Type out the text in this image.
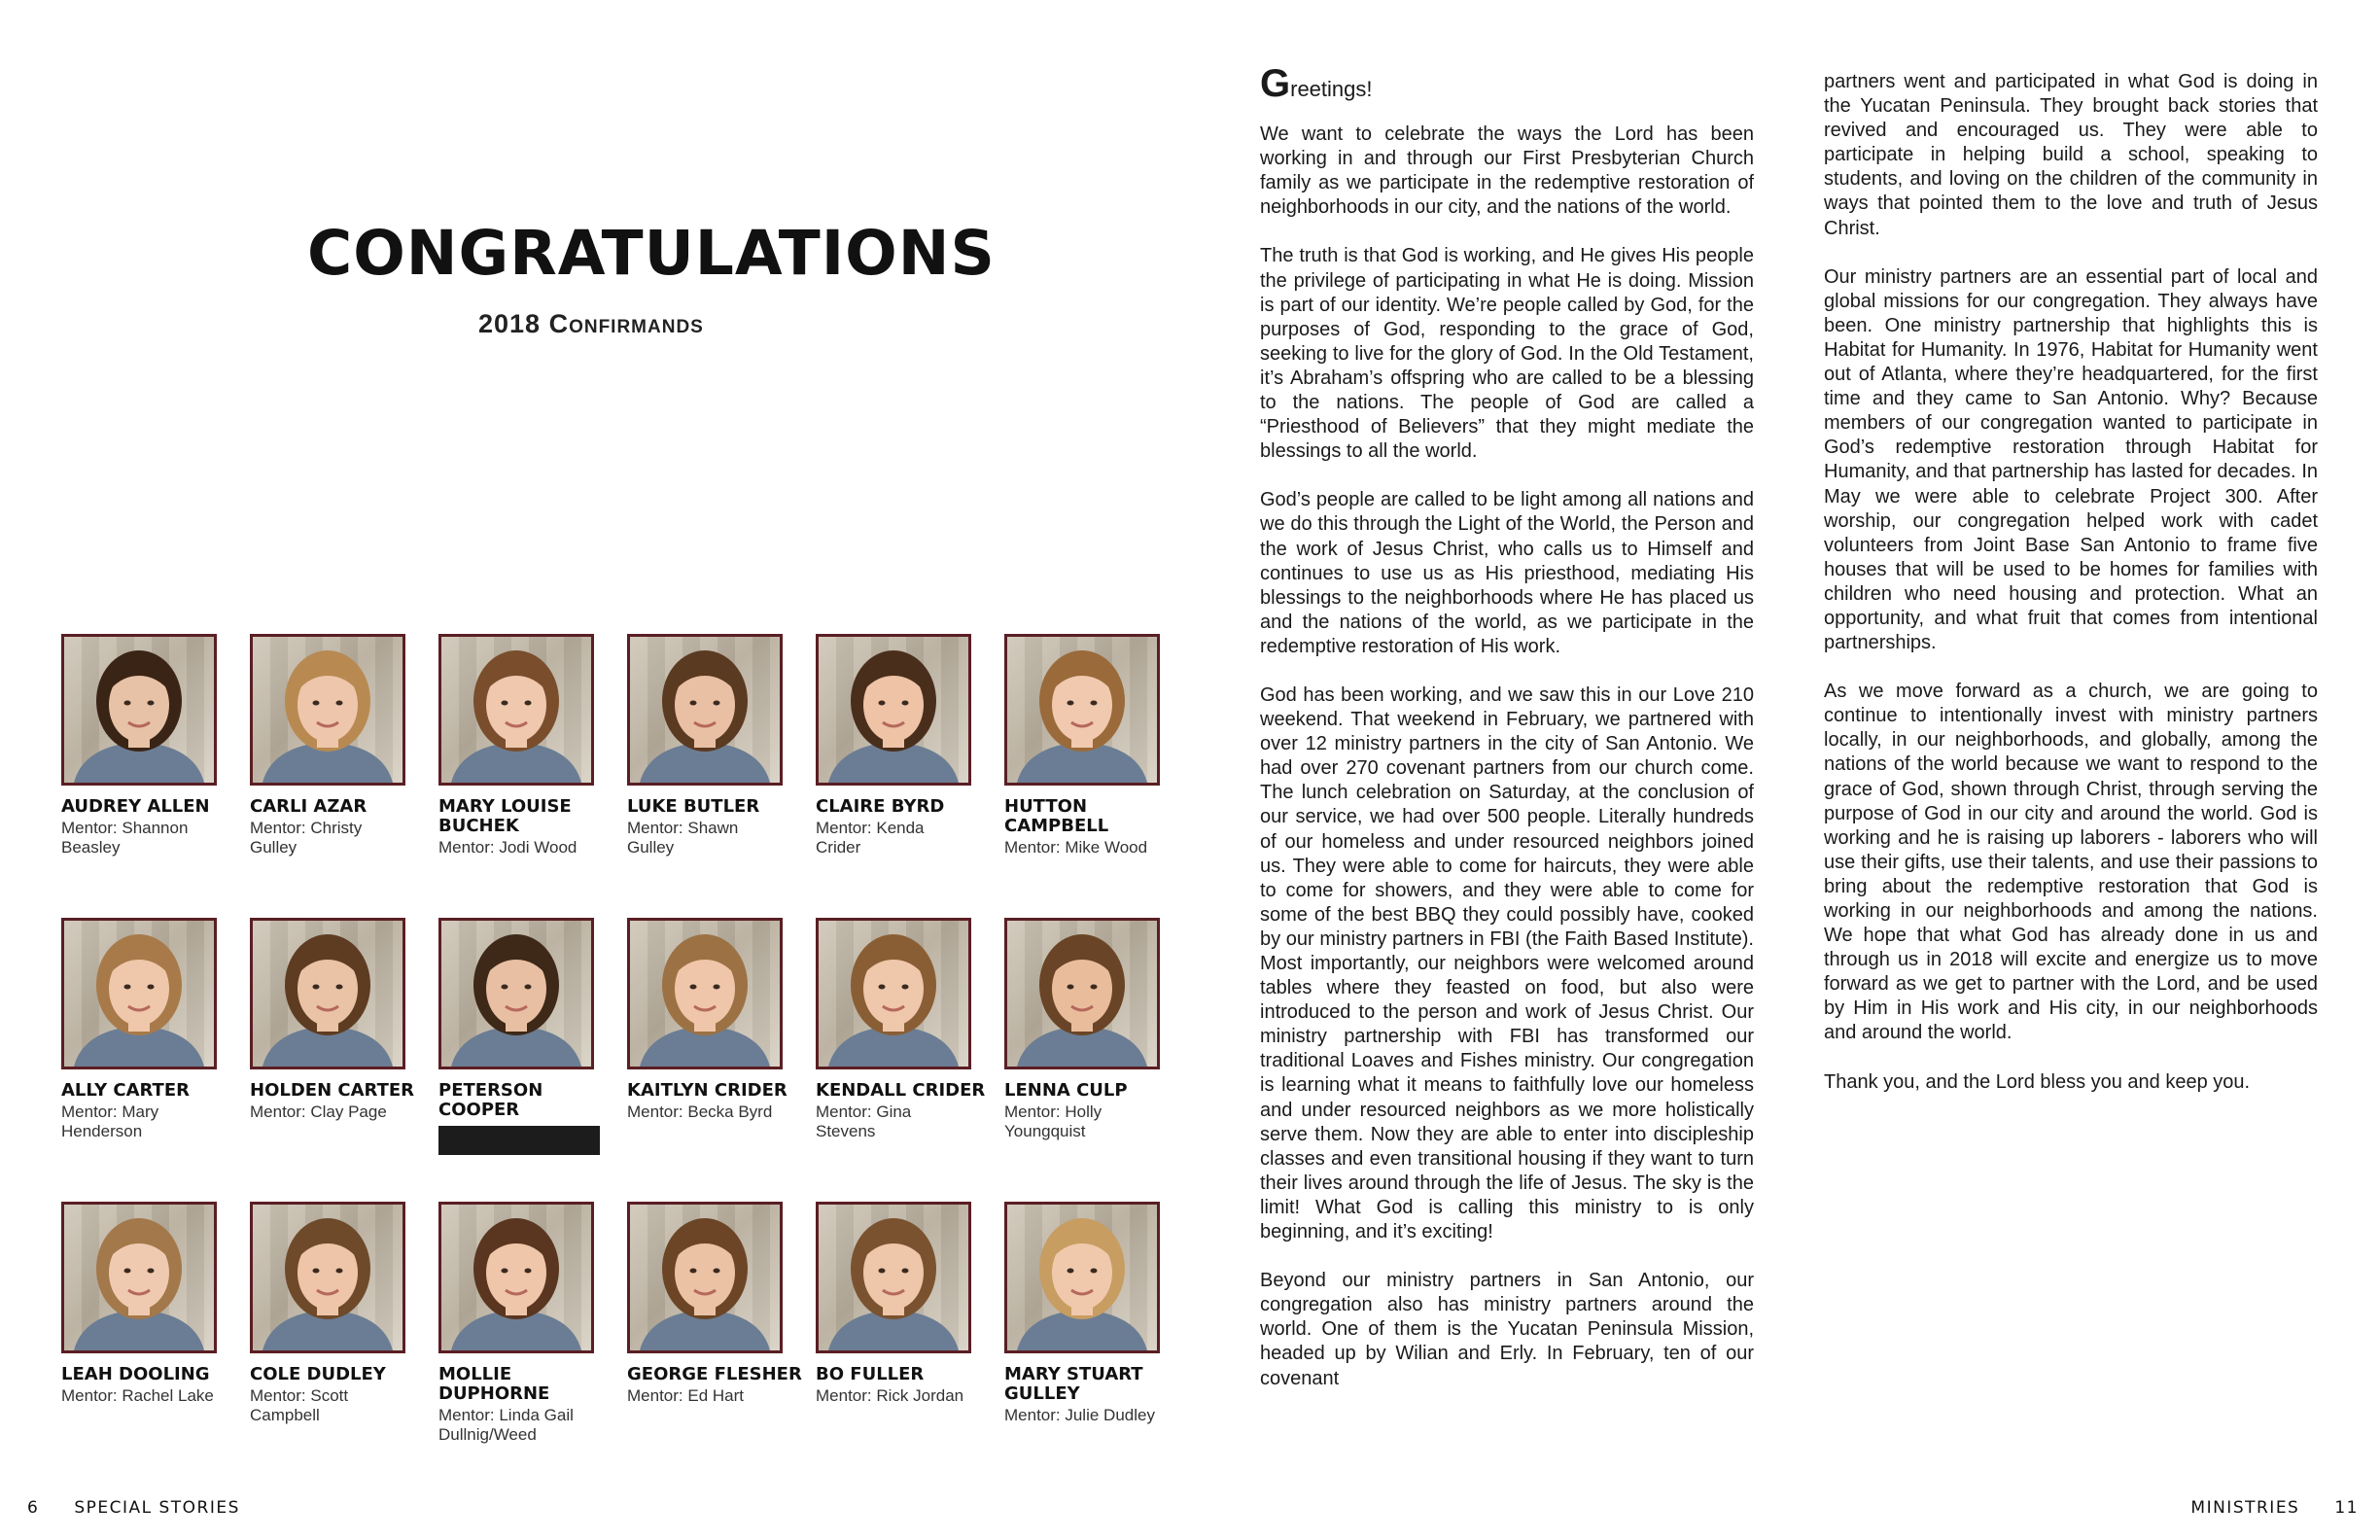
CONGRATULATIONS
2018 Confirmands
AUDREY ALLEN
Mentor: Shannon Beasley
CARLI AZAR
Mentor: Christy Gulley
MARY LOUISE BUCHEK
Mentor: Jodi Wood
LUKE BUTLER
Mentor: Shawn Gulley
CLAIRE BYRD
Mentor: Kenda Crider
HUTTON CAMPBELL
Mentor: Mike Wood
ALLY CARTER
Mentor: Mary Henderson
HOLDEN CARTER
Mentor: Clay Page
PETERSON COOPER
KAITLYN CRIDER
Mentor: Becka Byrd
KENDALL CRIDER
Mentor: Gina Stevens
LENNA CULP
Mentor: Holly Youngquist
LEAH DOOLING
Mentor: Rachel Lake
COLE DUDLEY
Mentor: Scott Campbell
MOLLIE DUPHORNE
Mentor: Linda Gail Dullnig/Weed
GEORGE FLESHER
Mentor: Ed Hart
BO FULLER
Mentor: Rick Jordan
MARY STUART GULLEY
Mentor: Julie Dudley
Greetings!

We want to celebrate the ways the Lord has been working in and through our First Presbyterian Church family as we participate in the redemptive restoration of neighborhoods in our city, and the nations of the world.

The truth is that God is working, and He gives His people the privilege of participating in what He is doing. Mission is part of our identity. We’re people called by God, for the purposes of God, responding to the grace of God, seeking to live for the glory of God. In the Old Testament, it’s Abraham’s offspring who are called to be a blessing to the nations. The people of God are called a “Priesthood of Believers” that they might mediate the blessings to all the world.

God’s people are called to be light among all nations and we do this through the Light of the World, the Person and the work of Jesus Christ, who calls us to Himself and continues to use us as His priesthood, mediating His blessings to the neighborhoods where He has placed us and the nations of the world, as we participate in the redemptive restoration of His work.

God has been working, and we saw this in our Love 210 weekend. That weekend in February, we partnered with over 12 ministry partners in the city of San Antonio. We had over 270 covenant partners from our church come. The lunch celebration on Saturday, at the conclusion of our service, we had over 500 people. Literally hundreds of our homeless and under resourced neighbors joined us. They were able to come for haircuts, they were able to come for showers, and they were able to come for some of the best BBQ they could possibly have, cooked by our ministry partners in FBI (the Faith Based Institute). Most importantly, our neighbors were welcomed around tables where they feasted on food, but also were introduced to the person and work of Jesus Christ. Our ministry partnership with FBI has transformed our traditional Loaves and Fishes ministry. Our congregation is learning what it means to faithfully love our homeless and under resourced neighbors as we more holistically serve them. Now they are able to enter into discipleship classes and even transitional housing if they want to turn their lives around through the life of Jesus. The sky is the limit! What God is calling this ministry to is only beginning, and it’s exciting!

Beyond our ministry partners in San Antonio, our congregation also has ministry partners around the world. One of them is the Yucatan Peninsula Mission, headed up by Wilian and Erly. In February, ten of our covenant

partners went and participated in what God is doing in the Yucatan Peninsula. They brought back stories that revived and encouraged us. They were able to participate in helping build a school, speaking to students, and loving on the children of the community in ways that pointed them to the love and truth of Jesus Christ.

Our ministry partners are an essential part of local and global missions for our congregation. They always have been. One ministry partnership that highlights this is Habitat for Humanity. In 1976, Habitat for Humanity went out of Atlanta, where they’re headquartered, for the first time and they came to San Antonio. Why? Because members of our congregation wanted to participate in God’s redemptive restoration through Habitat for Humanity, and that partnership has lasted for decades. In May we were able to celebrate Project 300. After worship, our congregation helped work with cadet volunteers from Joint Base San Antonio to frame five houses that will be used to be homes for families with children who need housing and protection. What an opportunity, and what fruit that comes from intentional partnerships.

As we move forward as a church, we are going to continue to intentionally invest with ministry partners locally, in our neighborhoods, and globally, among the nations of the world because we want to respond to the grace of God, shown through Christ, through serving the purpose of God in our city and around the world. God is working and he is raising up laborers - laborers who will use their gifts, use their talents, and use their passions to bring about the redemptive restoration that God is working in our neighborhoods and among the nations. We hope that what God has already done in us and through us in 2018 will excite and energize us to move forward as we get to partner with the Lord, and be used by Him in His work and His city, in our neighborhoods and around the world.

Thank you, and the Lord bless you and keep you.

6 SPECIAL STORIES	MINISTRIES 11
